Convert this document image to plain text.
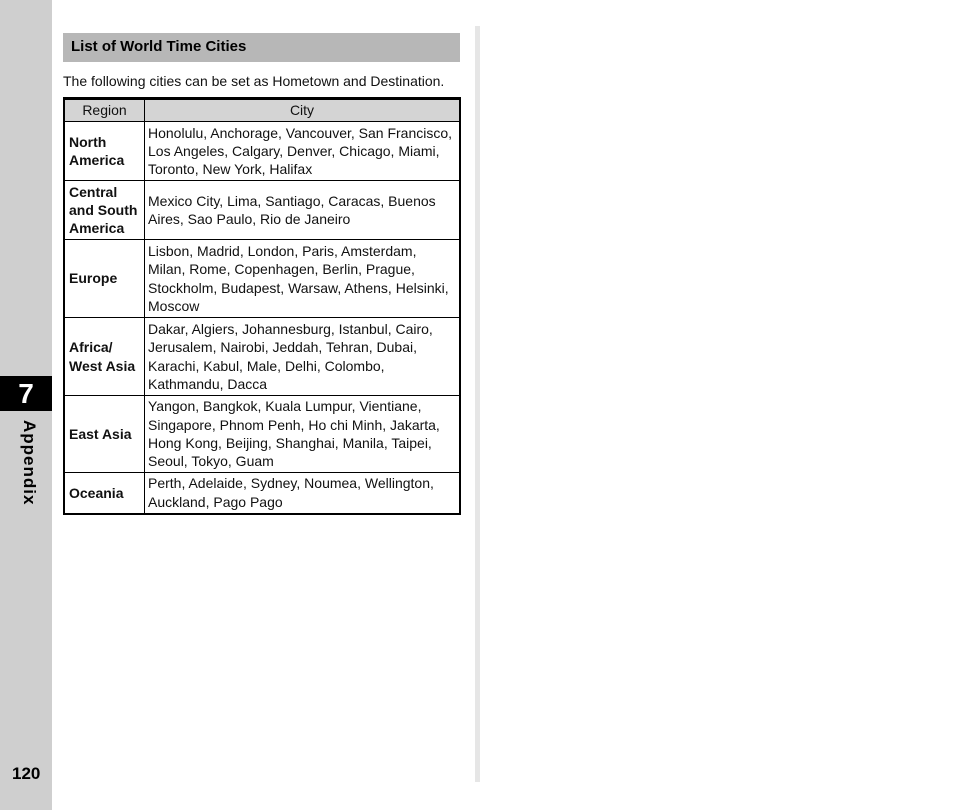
7
Appendix
120
List of World Time Cities
The following cities can be set as Hometown and Destination.
Region	City
North America	Honolulu, Anchorage, Vancouver, San Francisco, Los Angeles, Calgary, Denver, Chicago, Miami, Toronto, New York, Halifax
Central and South America	Mexico City, Lima, Santiago, Caracas, Buenos Aires, Sao Paulo, Rio de Janeiro
Europe	Lisbon, Madrid, London, Paris, Amsterdam, Milan, Rome, Copenhagen, Berlin, Prague, Stockholm, Budapest, Warsaw, Athens, Helsinki, Moscow
Africa/ West Asia	Dakar, Algiers, Johannesburg, Istanbul, Cairo, Jerusalem, Nairobi, Jeddah, Tehran, Dubai, Karachi, Kabul, Male, Delhi, Colombo, Kathmandu, Dacca
East Asia	Yangon, Bangkok, Kuala Lumpur, Vientiane, Singapore, Phnom Penh, Ho chi Minh, Jakarta, Hong Kong, Beijing, Shanghai, Manila, Taipei, Seoul, Tokyo, Guam
Oceania	Perth, Adelaide, Sydney, Noumea, Wellington, Auckland, Pago Pago
